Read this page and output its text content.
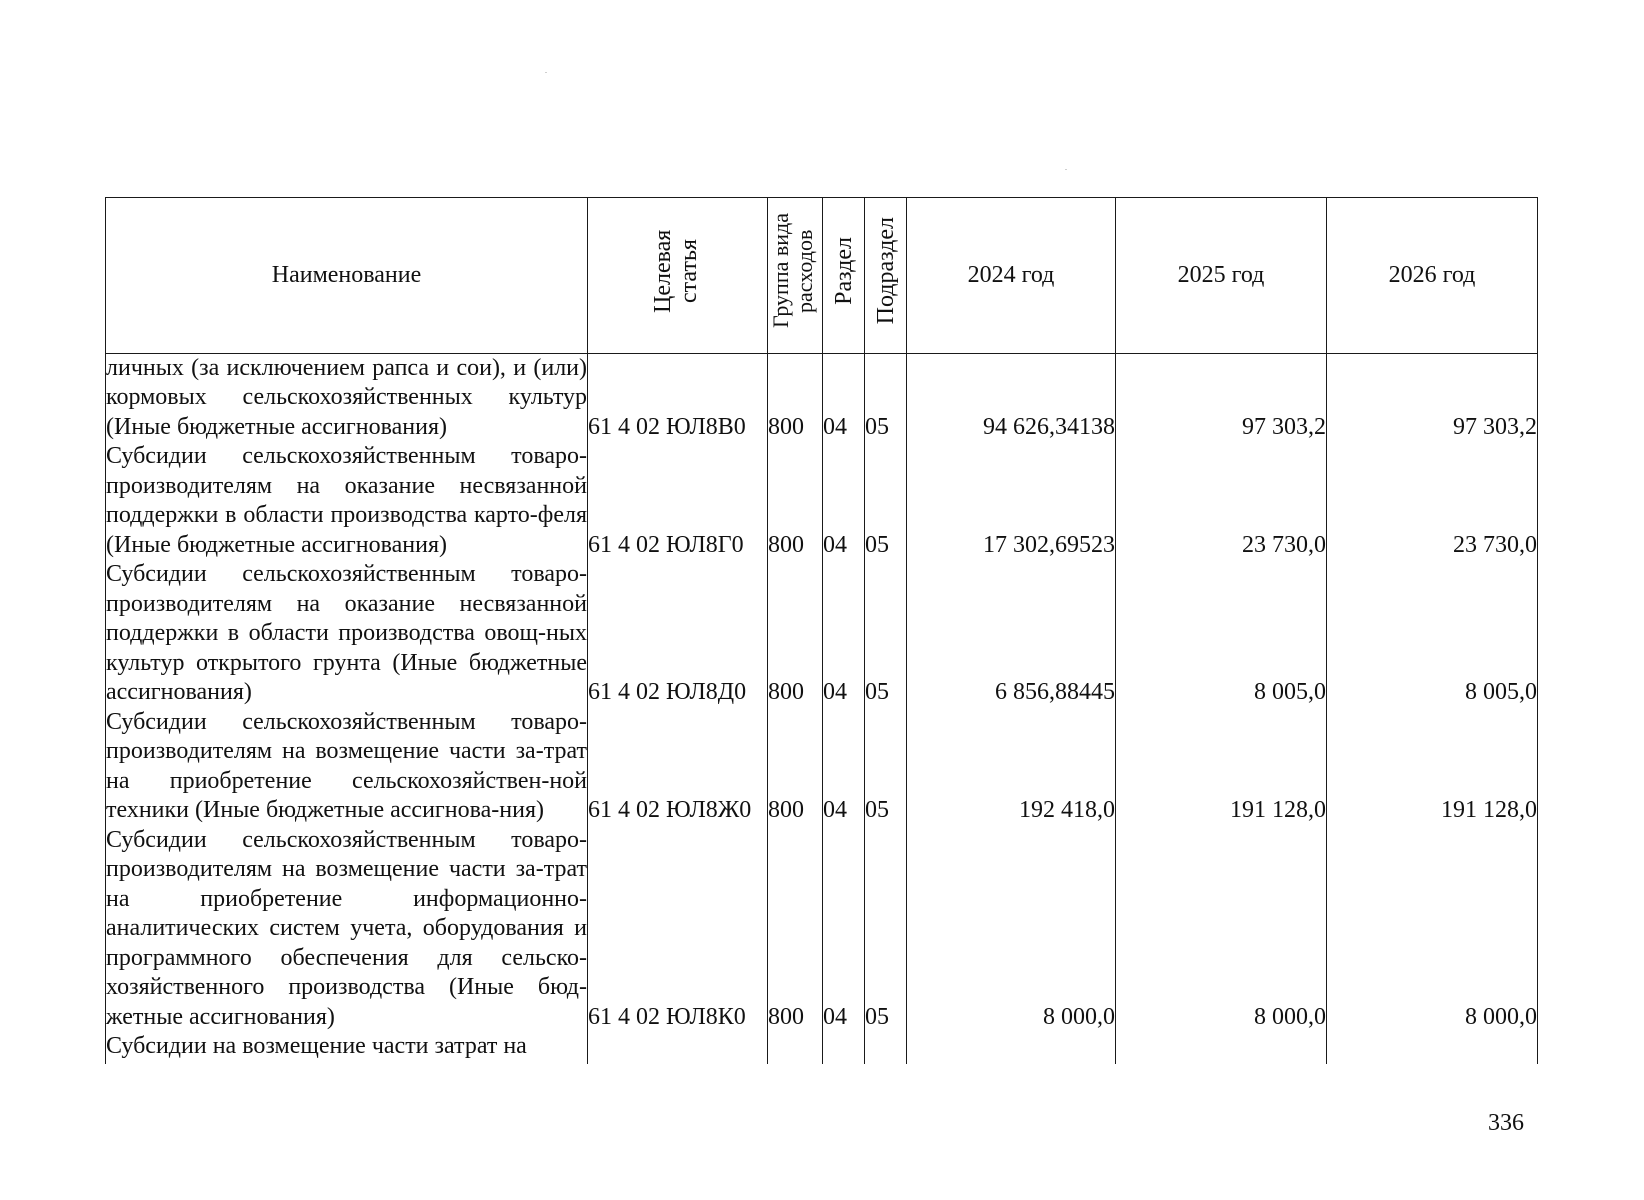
Наименование	Целевая статья	Группа вида расходов	Раздел	Подраздел	2024 год	2025 год	2026 год
личных (за исключением рапса и сои), и (или) кормовых сельскохозяйственных культур (Иные бюджетные ассигнования)	61 4 02 ЮЛ8В0	800	04	05	94 626,34138	97 303,2	97 303,2
Субсидии сельскохозяйственным товаро-производителям на оказание несвязанной поддержки в области производства карто-феля (Иные бюджетные ассигнования)	61 4 02 ЮЛ8Г0	800	04	05	17 302,69523	23 730,0	23 730,0
Субсидии сельскохозяйственным товаро-производителям на оказание несвязанной поддержки в области производства овощ-ных культур открытого грунта (Иные бюджетные ассигнования)	61 4 02 ЮЛ8Д0	800	04	05	6 856,88445	8 005,0	8 005,0
Субсидии сельскохозяйственным товаро-производителям на возмещение части за-трат на приобретение сельскохозяйствен-ной техники (Иные бюджетные ассигнова-ния)	61 4 02 ЮЛ8Ж0	800	04	05	192 418,0	191 128,0	191 128,0
Субсидии сельскохозяйственным товаро-производителям на возмещение части за-трат на приобретение информационно-аналитических систем учета, оборудования и программного обеспечения для сельско-хозяйственного производства (Иные бюд-жетные ассигнования)	61 4 02 ЮЛ8К0	800	04	05	8 000,0	8 000,0	8 000,0
Субсидии на возмещение части затрат на							
336
